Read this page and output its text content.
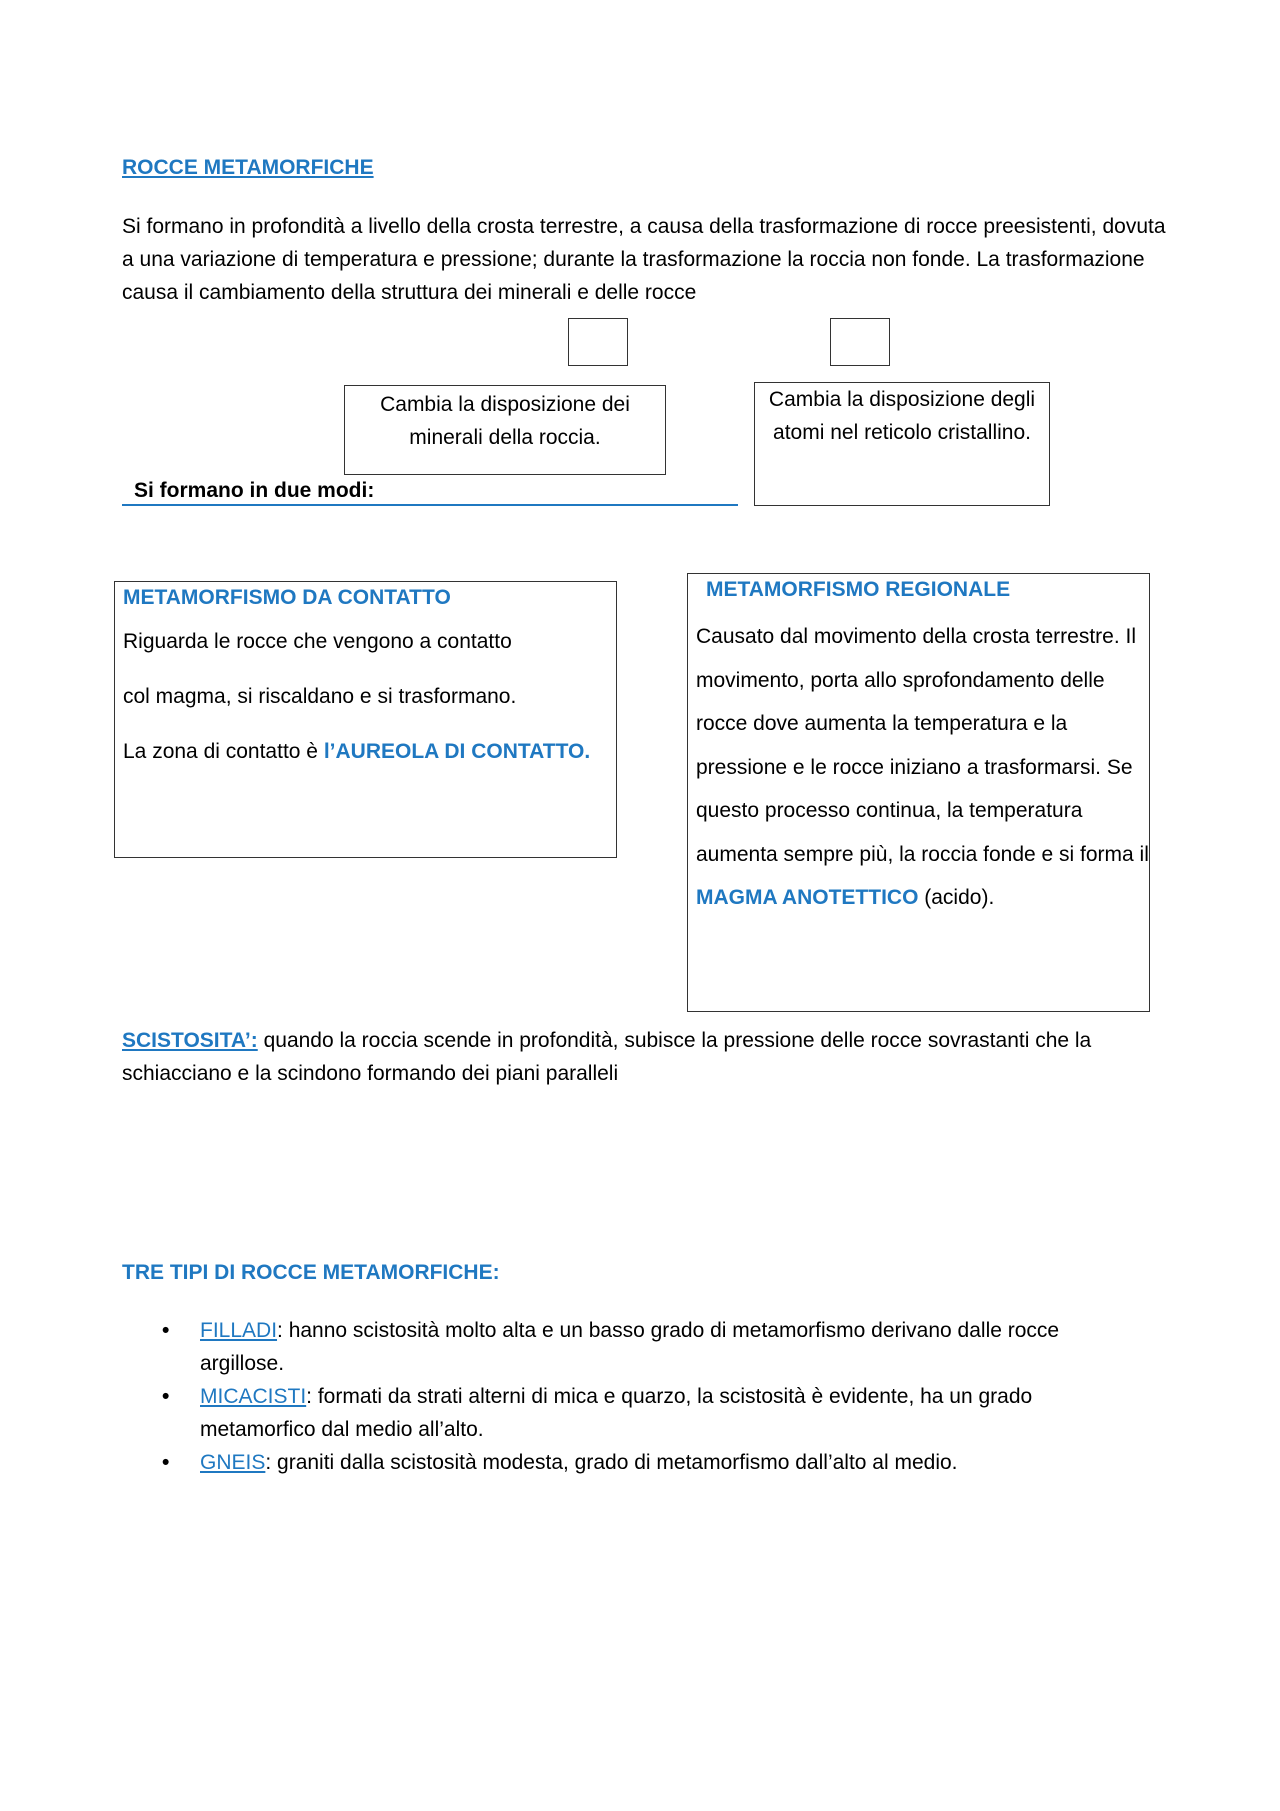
ROCCE METAMORFICHE
Si formano in profondità a livello della crosta terrestre, a causa della trasformazione di rocce preesistenti, dovuta a una variazione di temperatura e pressione; durante la trasformazione la roccia non fonde. La trasformazione causa il cambiamento della struttura dei minerali e delle rocce
Cambia la disposizione dei minerali della roccia.
Cambia la disposizione degli atomi nel reticolo cristallino.
Si formano in due modi:
METAMORFISMO DA CONTATTO
Riguarda le rocce che vengono a contatto
col magma, si riscaldano e si trasformano.
La zona di contatto è l’AUREOLA DI CONTATTO.
METAMORFISMO REGIONALE
Causato dal movimento della crosta terrestre. Il movimento, porta allo sprofondamento delle rocce dove aumenta la temperatura e la pressione e le rocce iniziano a trasformarsi. Se questo processo continua, la temperatura aumenta sempre più, la roccia fonde e si forma il MAGMA ANOTETTICO (acido).
SCISTOSITA’: quando la roccia scende in profondità, subisce la pressione delle rocce sovrastanti che la schiacciano e la scindono formando dei piani paralleli
TRE TIPI DI ROCCE METAMORFICHE:
• FILLADI: hanno scistosità molto alta e un basso grado di metamorfismo derivano dalle rocce argillose.
• MICACISTI: formati da strati alterni di mica e quarzo, la scistosità è evidente, ha un grado metamorfico dal medio all’alto.
• GNEIS: graniti dalla scistosità modesta, grado di metamorfismo dall’alto al medio.
